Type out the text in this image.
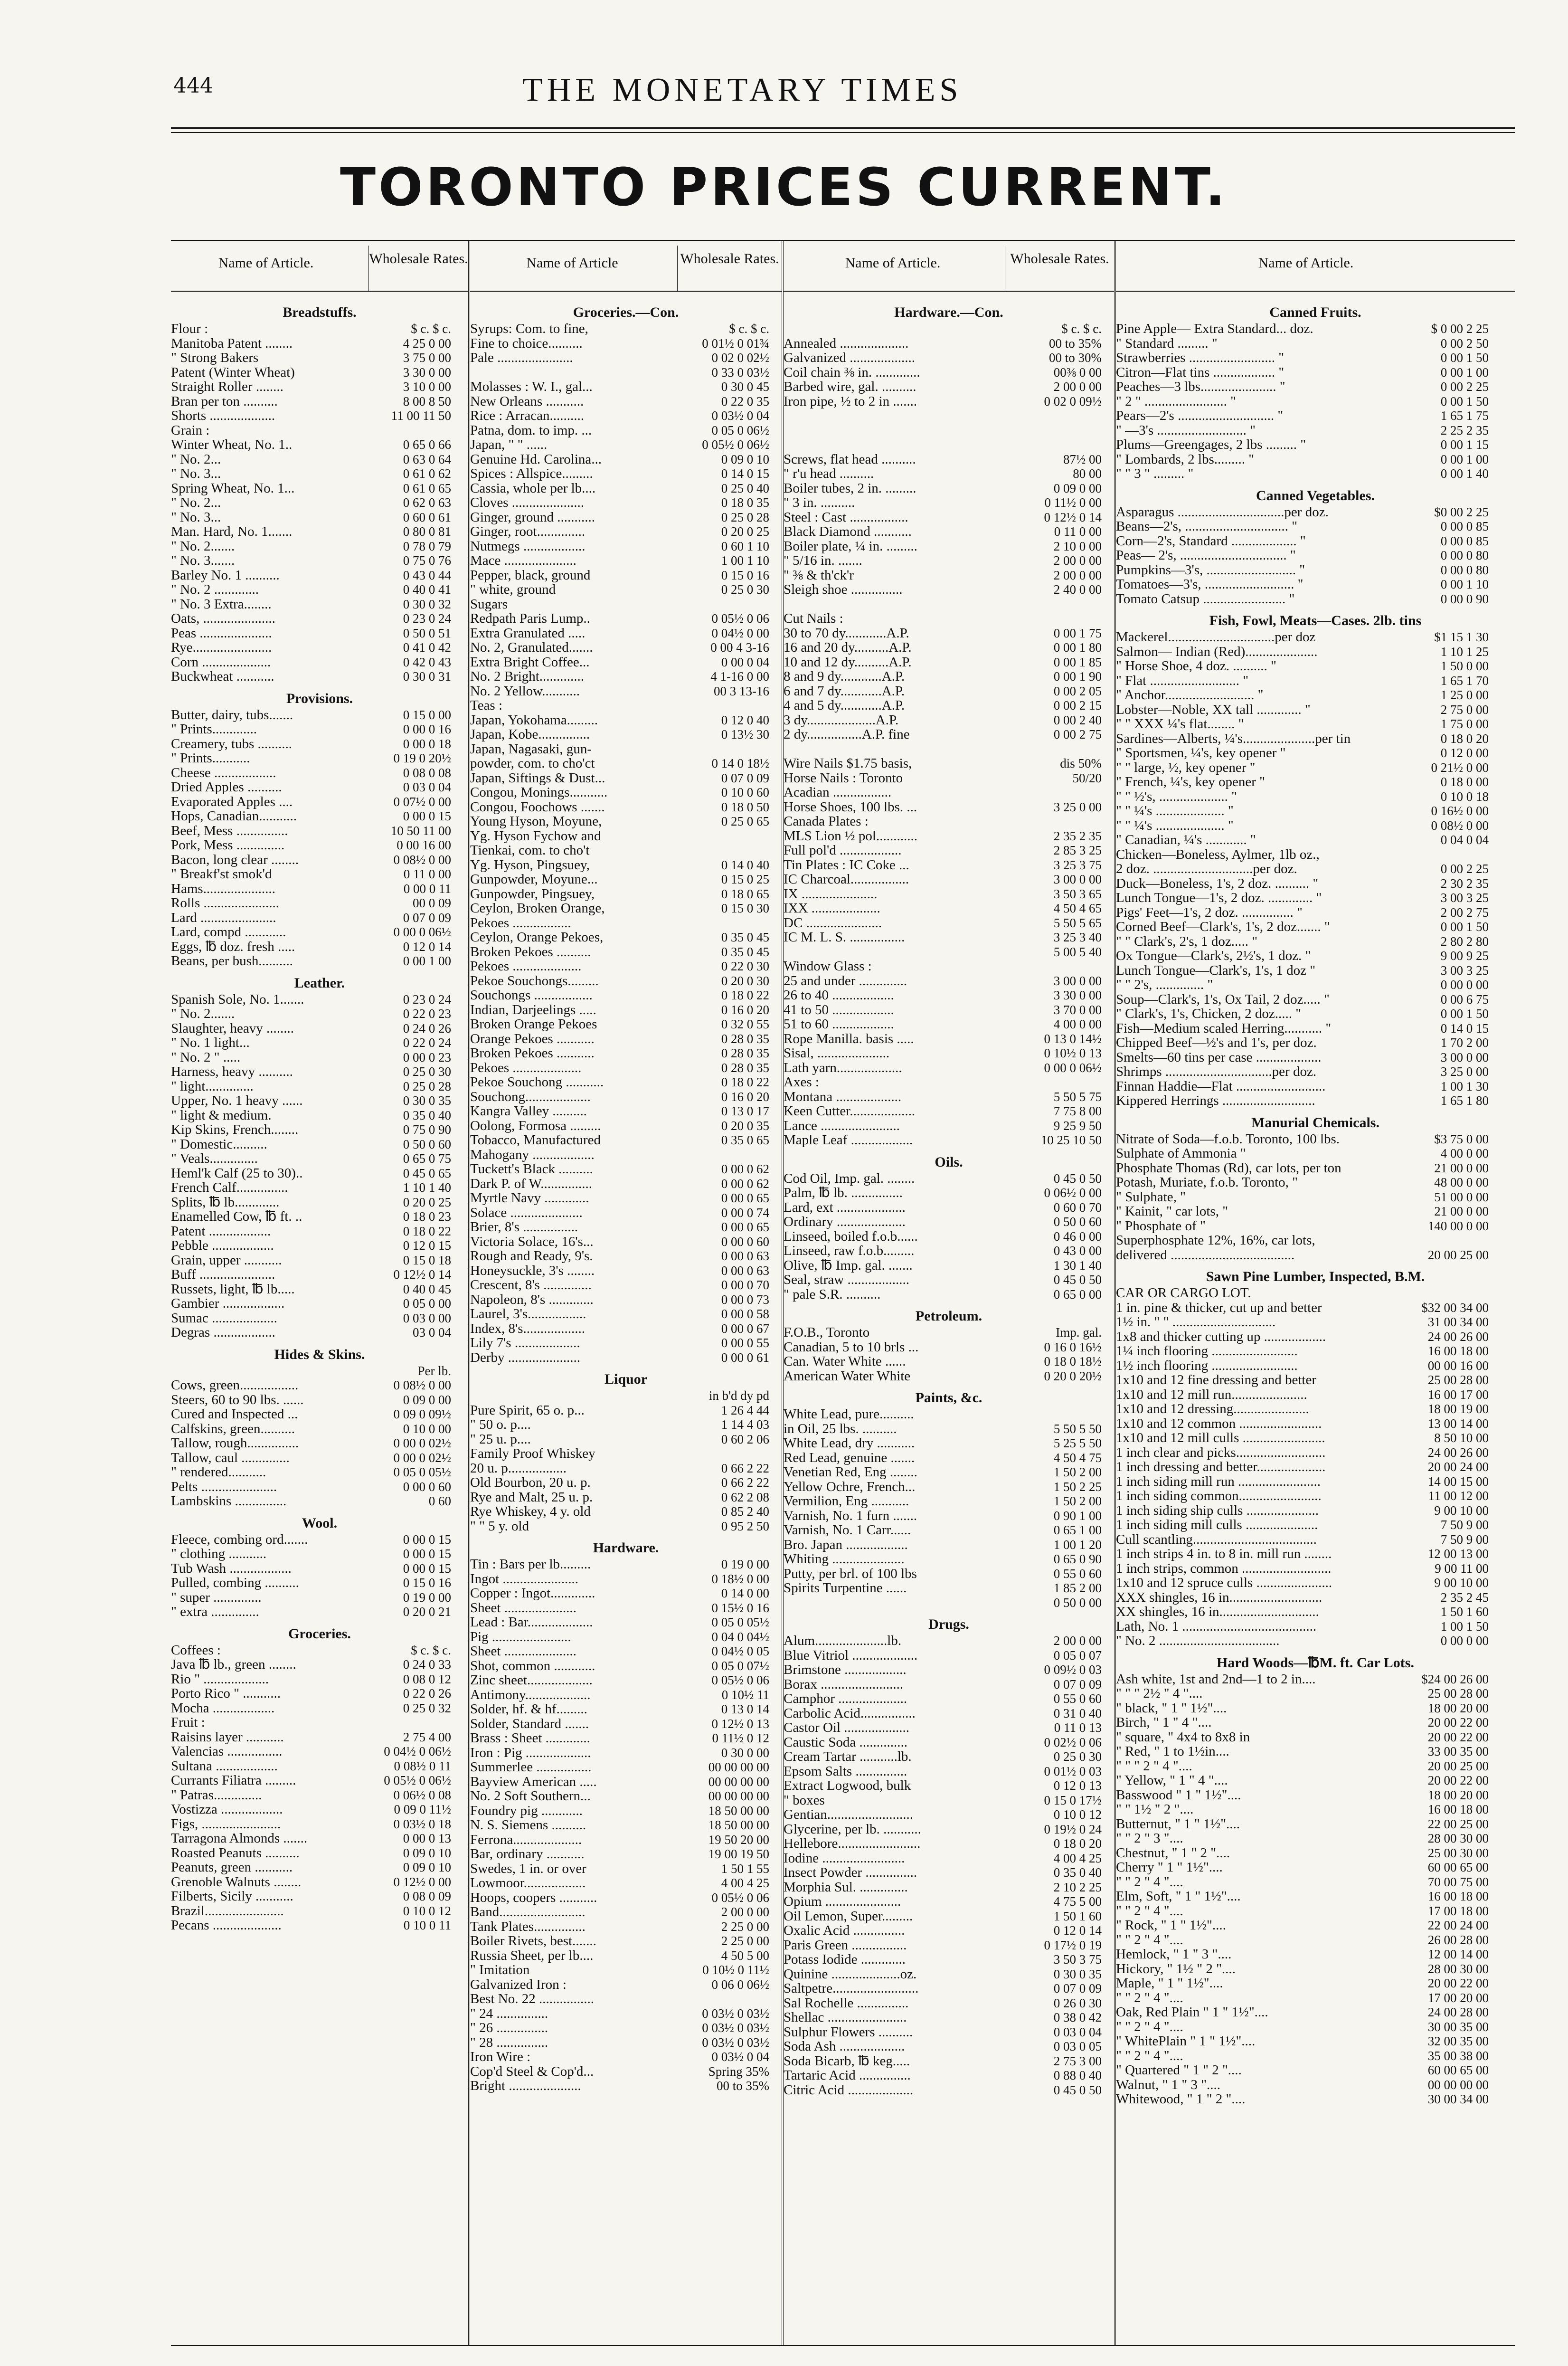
444	THE MONETARY TIMES
TORONTO PRICES CURRENT.
Name of Article.	Wholesale Rates.
Breadstuffs.
Flour :	$ c. $ c.
Manitoba Patent ........	4 25 0 00
" Strong Bakers	3 75 0 00
Patent (Winter Wheat)	3 30 0 00
Straight Roller ........	3 10 0 00
Bran per ton ..........	8 00 8 50
Shorts ...................	11 00 11 50
Grain :
Winter Wheat, No. 1..	0 65 0 66
" No. 2...	0 63 0 64
" No. 3...	0 61 0 62
Spring Wheat, No. 1...	0 61 0 65
" No. 2...	0 62 0 63
" No. 3...	0 60 0 61
Man. Hard, No. 1.......	0 80 0 81
" No. 2.......	0 78 0 79
" No. 3.......	0 75 0 76
Barley No. 1 ..........	0 43 0 44
" No. 2 .............	0 40 0 41
" No. 3 Extra........	0 30 0 32
Oats, .....................	0 23 0 24
Peas .....................	0 50 0 51
Rye.......................	0 41 0 42
Corn ....................	0 42 0 43
Buckwheat ...........	0 30 0 31
Provisions.
Butter, dairy, tubs.......	0 15 0 00
" Prints.............	0 00 0 16
Creamery, tubs ..........	0 00 0 18
" Prints...........	0 19 0 20½
Cheese ..................	0 08 0 08
Dried Apples ..........	0 03 0 04
Evaporated Apples ....	0 07½ 0 00
Hops, Canadian...........	0 00 0 15
Beef, Mess ...............	10 50 11 00
Pork, Mess ..............	0 00 16 00
Bacon, long clear ........	0 08½ 0 00
" Breakf'st smok'd	0 11 0 00
Hams.....................	0 00 0 11
Rolls ......................	00 0 09
Lard ......................	0 07 0 09
Lard, compd ............	0 00 0 06½
Eggs, ℔ doz. fresh .....	0 12 0 14
Beans, per bush..........	0 00 1 00
Leather.
Spanish Sole, No. 1.......	0 23 0 24
" No. 2.......	0 22 0 23
Slaughter, heavy ........	0 24 0 26
" No. 1 light...	0 22 0 24
" No. 2 " .....	0 00 0 23
Harness, heavy ..........	0 25 0 30
" light..............	0 25 0 28
Upper, No. 1 heavy ......	0 30 0 35
" light & medium.	0 35 0 40
Kip Skins, French........	0 75 0 90
" Domestic..........	0 50 0 60
" Veals..............	0 65 0 75
Heml'k Calf (25 to 30)..	0 45 0 65
French Calf...............	1 10 1 40
Splits, ℔ lb.............	0 20 0 25
Enamelled Cow, ℔ ft. ..	0 18 0 23
Patent ..................	0 18 0 22
Pebble ..................	0 12 0 15
Grain, upper ...........	0 15 0 18
Buff ......................	0 12½ 0 14
Russets, light, ℔ lb.....	0 40 0 45
Gambier ..................	0 05 0 00
Sumac ...................	0 03 0 00
Degras ..................	03 0 04
Hides & Skins.
Per lb.
Cows, green.................	0 08½ 0 00
Steers, 60 to 90 lbs. ......	0 09 0 00
Cured and Inspected ...	0 09 0 09½
Calfskins, green..........	0 10 0 00
Tallow, rough...............	0 00 0 02½
Tallow, caul ..............	0 00 0 02½
" rendered...........	0 05 0 05½
Pelts ......................	0 00 0 60
Lambskins ...............	0 60
Wool.
Fleece, combing ord.......	0 00 0 15
" clothing ...........	0 00 0 15
Tub Wash ..................	0 00 0 15
Pulled, combing ..........	0 15 0 16
" super ..............	0 19 0 00
" extra ..............	0 20 0 21
Groceries.
Coffees :	$ c. $ c.
Java ℔ lb., green ........	0 24 0 33
Rio " ...................	0 08 0 12
Porto Rico " ...........	0 22 0 26
Mocha ..................	0 25 0 32
Fruit :
Raisins layer ...........	2 75 4 00
Valencias ................	0 04½ 0 06½
Sultana ..................	0 08½ 0 11
Currants Filiatra .........	0 05½ 0 06½
" Patras..............	0 06½ 0 08
Vostizza ..................	0 09 0 11½
Figs, .......................	0 03½ 0 18
Tarragona Almonds .......	0 00 0 13
Roasted Peanuts ..........	0 09 0 10
Peanuts, green ...........	0 09 0 10
Grenoble Walnuts ........	0 12½ 0 00
Filberts, Sicily ...........	0 08 0 09
Brazil.......................	0 10 0 12
Pecans ....................	0 10 0 11
Name of Article	Wholesale Rates.
Groceries.—Con.
Syrups: Com. to fine,	$ c. $ c.
Fine to choice..........	0 01½ 0 01¾
Pale ......................	0 02 0 02½
0 33 0 03½
Molasses : W. I., gal...	0 30 0 45
New Orleans ...........	0 22 0 35
Rice : Arracan..........	0 03½ 0 04
Patna, dom. to imp. ...	0 05 0 06½
Japan, " " ......	0 05½ 0 06½
Genuine Hd. Carolina...	0 09 0 10
Spices : Allspice.........	0 14 0 15
Cassia, whole per lb....	0 25 0 40
Cloves .....................	0 18 0 35
Ginger, ground ...........	0 25 0 28
Ginger, root..............	0 20 0 25
Nutmegs ..................	0 60 1 10
Mace .....................	1 00 1 10
Pepper, black, ground	0 15 0 16
" white, ground	0 25 0 30
Sugars
Redpath Paris Lump..	0 05½ 0 06
Extra Granulated .....	0 04½ 0 00
No. 2, Granulated.......	0 00 4 3-16
Extra Bright Coffee...	0 00 0 04
No. 2 Bright.............	4 1-16 0 00
No. 2 Yellow...........	00 3 13-16
Teas :
Japan, Yokohama.........	0 12 0 40
Japan, Kobe...............	0 13½ 30
Japan, Nagasaki, gun-
powder, com. to cho'ct	0 14 0 18½
Japan, Siftings & Dust...	0 07 0 09
Congou, Monings...........	0 10 0 60
Congou, Foochows .......	0 18 0 50
Young Hyson, Moyune,	0 25 0 65
Yg. Hyson Fychow and
Tienkai, com. to cho't
Yg. Hyson, Pingsuey,	0 14 0 40
Gunpowder, Moyune...	0 15 0 25
Gunpowder, Pingsuey,	0 18 0 65
Ceylon, Broken Orange,	0 15 0 30
Pekoes .................
Ceylon, Orange Pekoes,	0 35 0 45
Broken Pekoes ..........	0 35 0 45
Pekoes ....................	0 22 0 30
Pekoe Souchongs.........	0 20 0 30
Souchongs .................	0 18 0 22
Indian, Darjeelings .....	0 16 0 20
Broken Orange Pekoes	0 32 0 55
Orange Pekoes ...........	0 28 0 35
Broken Pekoes ...........	0 28 0 35
Pekoes ....................	0 28 0 35
Pekoe Souchong ...........	0 18 0 22
Souchong...................	0 16 0 20
Kangra Valley ..........	0 13 0 17
Oolong, Formosa .........	0 20 0 35
Tobacco, Manufactured	0 35 0 65
Mahogany ..................
Tuckett's Black ..........	0 00 0 62
Dark P. of W...............	0 00 0 62
Myrtle Navy .............	0 00 0 65
Solace .....................	0 00 0 74
Brier, 8's ................	0 00 0 65
Victoria Solace, 16's...	0 00 0 60
Rough and Ready, 9's.	0 00 0 63
Honeysuckle, 3's ........	0 00 0 63
Crescent, 8's ..............	0 00 0 70
Napoleon, 8's .............	0 00 0 73
Laurel, 3's.................	0 00 0 58
Index, 8's..................	0 00 0 67
Lily 7's ...................	0 00 0 55
Derby .....................	0 00 0 61
Liquor
in b'd dy pd
Pure Spirit, 65 o. p...	1 26 4 44
" 50 o. p....	1 14 4 03
" 25 u. p....	0 60 2 06
Family Proof Whiskey
20 u. p.................	0 66 2 22
Old Bourbon, 20 u. p.	0 66 2 22
Rye and Malt, 25 u. p.	0 62 2 08
Rye Whiskey, 4 y. old	0 85 2 40
" " 5 y. old	0 95 2 50
Hardware.
Tin : Bars per lb.........	0 19 0 00
Ingot ......................	0 18½ 0 00
Copper : Ingot.............	0 14 0 00
Sheet .....................	0 15½ 0 16
Lead : Bar...................	0 05 0 05½
Pig .......................	0 04 0 04½
Sheet .....................	0 04½ 0 05
Shot, common ............	0 05 0 07½
Zinc sheet...................	0 05½ 0 06
Antimony...................	0 10½ 11
Solder, hf. & hf.........	0 13 0 14
Solder, Standard .......	0 12½ 0 13
Brass : Sheet .............	0 11½ 0 12
Iron : Pig ...................	0 30 0 00
Summerlee ................	00 00 00 00
Bayview American .....	00 00 00 00
No. 2 Soft Southern...	00 00 00 00
Foundry pig ............	18 50 00 00
N. S. Siemens ..........	18 50 00 00
Ferrona....................	19 50 20 00
Bar, ordinary ...........	19 00 19 50
Swedes, 1 in. or over	1 50 1 55
Lowmoor..................	4 00 4 25
Hoops, coopers ...........	0 05½ 0 06
Band.........................	2 00 0 00
Tank Plates...............	2 25 0 00
Boiler Rivets, best.......	2 25 0 00
Russia Sheet, per lb....	4 50 5 00
" Imitation	0 10½ 0 11½
Galvanized Iron :	0 06 0 06½
Best No. 22 ................
" 24 ...............	0 03½ 0 03½
" 26 ...............	0 03½ 0 03½
" 28 ...............	0 03½ 0 03½
Iron Wire :	0 03½ 0 04
Cop'd Steel & Cop'd...	Spring 35%
Bright .....................	00 to 35%
Name of Article.	Wholesale Rates.
Hardware.—Con.
$ c. $ c.
Annealed ....................	00 to 35%
Galvanized ...................	00 to 30%
Coil chain ⅜ in. .............	00⅜ 0 00
Barbed wire, gal. ..........	2 00 0 00
Iron pipe, ½ to 2 in .......	0 02 0 09½
Screws, flat head ..........	87½ 00
" r'u head ..........	80 00
Boiler tubes, 2 in. .........	0 09 0 00
" 3 in. ..........	0 11½ 0 00
Steel : Cast .................	0 12½ 0 14
Black Diamond ...........	0 11 0 00
Boiler plate, ¼ in. .........	2 10 0 00
" 5/16 in. .......	2 00 0 00
" ⅜ & th'ck'r	2 00 0 00
Sleigh shoe ...............	2 40 0 00
Cut Nails :
30 to 70 dy............A.P.	0 00 1 75
16 and 20 dy..........A.P.	0 00 1 80
10 and 12 dy..........A.P.	0 00 1 85
8 and 9 dy............A.P.	0 00 1 90
6 and 7 dy............A.P.	0 00 2 05
4 and 5 dy............A.P.	0 00 2 15
3 dy....................A.P.	0 00 2 40
2 dy................A.P. fine	0 00 2 75
Wire Nails $1.75 basis,	dis 50%
Horse Nails : Toronto	50/20
Acadian .................
Horse Shoes, 100 lbs. ...	3 25 0 00
Canada Plates :
MLS Lion ½ pol............	2 35 2 35
Full pol'd ..................	2 85 3 25
Tin Plates : IC Coke ...	3 25 3 75
IC Charcoal.................	3 00 0 00
IX ......................	3 50 3 65
IXX ....................	4 50 4 65
DC ......................	5 50 5 65
IC M. L. S. ................	3 25 3 40
5 00 5 40
Window Glass :
25 and under ..............	3 00 0 00
26 to 40 ..................	3 30 0 00
41 to 50 ..................	3 70 0 00
51 to 60 ..................	4 00 0 00
Rope Manilla. basis .....	0 13 0 14½
Sisal, .....................	0 10½ 0 13
Lath yarn...................	0 00 0 06½
Axes :
Montana ...................	5 50 5 75
Keen Cutter...................	7 75 8 00
Lance .......................	9 25 9 50
Maple Leaf ..................	10 25 10 50
Oils.
Cod Oil, Imp. gal. ........	0 45 0 50
Palm, ℔ lb. ...............	0 06½ 0 00
Lard, ext ....................	0 60 0 70
Ordinary ....................	0 50 0 60
Linseed, boiled f.o.b......	0 46 0 00
Linseed, raw f.o.b.........	0 43 0 00
Olive, ℔ Imp. gal. .......	1 30 1 40
Seal, straw ..................	0 45 0 50
" pale S.R. ..........	0 65 0 00
Petroleum.
F.O.B., Toronto	Imp. gal.
Canadian, 5 to 10 brls ...	0 16 0 16½
Can. Water White ......	0 18 0 18½
American Water White	0 20 0 20½
Paints, &c.
White Lead, pure..........
in Oil, 25 lbs. ..........	5 50 5 50
White Lead, dry ...........	5 25 5 50
Red Lead, genuine .......	4 50 4 75
Venetian Red, Eng ........	1 50 2 00
Yellow Ochre, French...	1 50 2 25
Vermilion, Eng ...........	1 50 2 00
Varnish, No. 1 furn .......	0 90 1 00
Varnish, No. 1 Carr......	0 65 1 00
Bro. Japan ..................	1 00 1 20
Whiting .....................	0 65 0 90
Putty, per brl. of 100 lbs	0 55 0 60
Spirits Turpentine ......	1 85 2 00
0 50 0 00
Drugs.
Alum.....................lb.	2 00 0 00
Blue Vitriol ...................	0 05 0 07
Brimstone ..................	0 09½ 0 03
Borax ........................	0 07 0 09
Camphor ....................	0 55 0 60
Carbolic Acid................	0 31 0 40
Castor Oil ...................	0 11 0 13
Caustic Soda ..............	0 02½ 0 06
Cream Tartar ...........lb.	0 25 0 30
Epsom Salts ...............	0 01½ 0 03
Extract Logwood, bulk	0 12 0 13
" boxes	0 15 0 17½
Gentian.........................	0 10 0 12
Glycerine, per lb. ...........	0 19½ 0 24
Hellebore........................	0 18 0 20
Iodine ........................	4 00 4 25
Insect Powder ...............	0 35 0 40
Morphia Sul. ..............	2 10 2 25
Opium ......................	4 75 5 00
Oil Lemon, Super.........	1 50 1 60
Oxalic Acid ...............	0 12 0 14
Paris Green ................	0 17½ 0 19
Potass Iodide .............	3 50 3 75
Quinine ....................oz.	0 30 0 35
Saltpetre.........................	0 07 0 09
Sal Rochelle ...............	0 26 0 30
Shellac .......................	0 38 0 42
Sulphur Flowers ..........	0 03 0 04
Soda Ash ...................	0 03 0 05
Soda Bicarb, ℔ keg.....	2 75 3 00
Tartaric Acid ...............	0 88 0 40
Citric Acid ...................	0 45 0 50
Name of Article.
Canned Fruits.
Pine Apple— Extra Standard... doz.	$ 0 00 2 25
" Standard ......... "	0 00 2 50
Strawberries ......................... "	0 00 1 50
Citron—Flat tins .................. "	0 00 1 00
Peaches—3 lbs...................... "	0 00 2 25
" 2 " ........................ "	0 00 1 50
Pears—2's ............................ "	1 65 1 75
" —3's .......................... "	2 25 2 35
Plums—Greengages, 2 lbs ......... "	0 00 1 15
" Lombards, 2 lbs......... "	0 00 1 00
" " 3 " ......... "	0 00 1 40
Canned Vegetables.
Asparagus ...............................per doz.	$0 00 2 25
Beans—2's, .............................. "	0 00 0 85
Corn—2's, Standard ................... "	0 00 0 85
Peas— 2's, ............................... "	0 00 0 80
Pumpkins—3's, .......................... "	0 00 0 80
Tomatoes—3's, .......................... "	0 00 1 10
Tomato Catsup ........................ "	0 00 0 90
Fish, Fowl, Meats—Cases. 2lb. tins
Mackerel...............................per doz	$1 15 1 30
Salmon— Indian (Red).....................	1 10 1 25
" Horse Shoe, 4 doz. .......... "	1 50 0 00
" Flat .......................... "	1 65 1 70
" Anchor.......................... "	1 25 0 00
Lobster—Noble, XX tall ............. "	2 75 0 00
" " XXX ¼'s flat........ "	1 75 0 00
Sardines—Alberts, ¼'s.....................per tin	0 18 0 20
" Sportsmen, ¼'s, key opener "	0 12 0 00
" " large, ½, key opener "	0 21½ 0 00
" French, ¼'s, key opener "	0 18 0 00
" " ½'s, .................... "	0 10 0 18
" " ¼'s .................... "	0 16½ 0 00
" " ¼'s .................... "	0 08½ 0 00
" Canadian, ¼'s ............ "	0 04 0 04
Chicken—Boneless, Aylmer, 1lb oz.,
2 doz. .............................per doz.	0 00 2 25
Duck—Boneless, 1's, 2 doz. .......... "	2 30 2 35
Lunch Tongue—1's, 2 doz. ............. "	3 00 3 25
Pigs' Feet—1's, 2 doz. ............... "	2 00 2 75
Corned Beef—Clark's, 1's, 2 doz....... "	0 00 1 50
" " Clark's, 2's, 1 doz..... "	2 80 2 80
Ox Tongue—Clark's, 2½'s, 1 doz. "	9 00 9 25
Lunch Tongue—Clark's, 1's, 1 doz "	3 00 3 25
" " 2's, .............. "	0 00 0 00
Soup—Clark's, 1's, Ox Tail, 2 doz..... "	0 00 6 75
" Clark's, 1's, Chicken, 2 doz..... "	0 00 1 50
Fish—Medium scaled Herring........... "	0 14 0 15
Chipped Beef—½'s and 1's, per doz.	1 70 2 00
Smelts—60 tins per case ...................	3 00 0 00
Shrimps ...............................per doz.	3 25 0 00
Finnan Haddie—Flat ..........................	1 00 1 30
Kippered Herrings ...........................	1 65 1 80
Manurial Chemicals.
Nitrate of Soda—f.o.b. Toronto, 100 lbs.	$3 75 0 00
Sulphate of Ammonia "	4 00 0 00
Phosphate Thomas (Rd), car lots, per ton	21 00 0 00
Potash, Muriate, f.o.b. Toronto, "	48 00 0 00
" Sulphate, "	51 00 0 00
" Kainit, " car lots, "	21 00 0 00
" Phosphate of "	140 00 0 00
Superphosphate 12%, 16%, car lots,
delivered ....................................	20 00 25 00
Sawn Pine Lumber, Inspected, B.M.
CAR OR CARGO LOT.
1 in. pine & thicker, cut up and better	$32 00 34 00
1½ in. " " ..............................	31 00 34 00
1x8 and thicker cutting up ..................	24 00 26 00
1¼ inch flooring .........................	16 00 18 00
1½ inch flooring .........................	00 00 16 00
1x10 and 12 fine dressing and better	25 00 28 00
1x10 and 12 mill run......................	16 00 17 00
1x10 and 12 dressing......................	18 00 19 00
1x10 and 12 common ........................	13 00 14 00
1x10 and 12 mill culls ........................	8 50 10 00
1 inch clear and picks..........................	24 00 26 00
1 inch dressing and better....................	20 00 24 00
1 inch siding mill run ........................	14 00 15 00
1 inch siding common........................	11 00 12 00
1 inch siding ship culls .....................	9 00 10 00
1 inch siding mill culls .....................	7 50 9 00
Cull scantling....................................	7 50 9 00
1 inch strips 4 in. to 8 in. mill run ........	12 00 13 00
1 inch strips, common ..........................	9 00 11 00
1x10 and 12 spruce culls ......................	9 00 10 00
XXX shingles, 16 in...........................	2 35 2 45
XX shingles, 16 in.............................	1 50 1 60
Lath, No. 1 .......................................	1 00 1 50
" No. 2 ...................................	0 00 0 00
Hard Woods—℔M. ft. Car Lots.
Ash white, 1st and 2nd—1 to 2 in....	$24 00 26 00
" " " 2½ " 4 "....	25 00 28 00
" black, " 1 " 1½"....	18 00 20 00
Birch, " 1 " 4 "....	20 00 22 00
" square, " 4x4 to 8x8 in	20 00 22 00
" Red, " 1 to 1½in....	33 00 35 00
" " " 2 " 4 "....	20 00 25 00
" Yellow, " 1 " 4 "....	20 00 22 00
Basswood " 1 " 1½"....	18 00 20 00
" " 1½ " 2 "....	16 00 18 00
Butternut, " 1 " 1½"....	22 00 25 00
" " 2 " 3 "....	28 00 30 00
Chestnut, " 1 " 2 "....	25 00 30 00
Cherry " 1 " 1½"....	60 00 65 00
" " 2 " 4 "....	70 00 75 00
Elm, Soft, " 1 " 1½"....	16 00 18 00
" " 2 " 4 "....	17 00 18 00
" Rock, " 1 " 1½"....	22 00 24 00
" " 2 " 4 "....	26 00 28 00
Hemlock, " 1 " 3 "....	12 00 14 00
Hickory, " 1½ " 2 "....	28 00 30 00
Maple, " 1 " 1½"....	20 00 22 00
" " 2 " 4 "....	17 00 20 00
Oak, Red Plain " 1 " 1½"....	24 00 28 00
" " 2 " 4 "....	30 00 35 00
" WhitePlain " 1 " 1½"....	32 00 35 00
" " 2 " 4 "....	35 00 38 00
" Quartered " 1 " 2 "....	60 00 65 00
Walnut, " 1 " 3 "....	00 00 00 00
Whitewood, " 1 " 2 "....	30 00 34 00
